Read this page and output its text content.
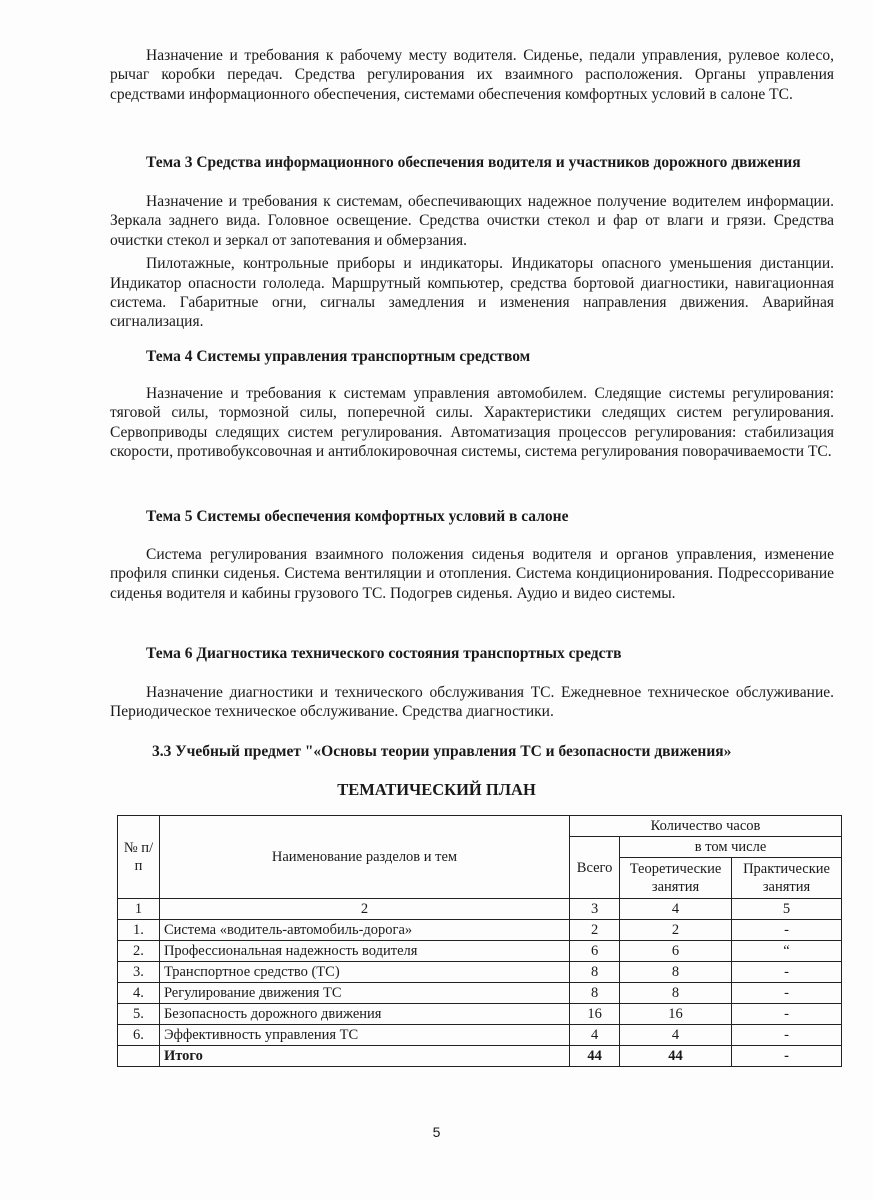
Назначение и требования к рабочему месту водителя. Сиденье, педали управления, рулевое колесо, рычаг коробки передач. Средства регулирования их взаимного расположения. Органы управления средствами информационного обеспечения, системами обеспечения комфортных условий в салоне ТС.

Тема 3 Средства информационного обеспечения водителя и участников дорожного движения

Назначение и требования к системам, обеспечивающих надежное получение водителем информации. Зеркала заднего вида. Головное освещение. Средства очистки стекол и фар от влаги и грязи. Средства очистки стекол и зеркал от запотевания и обмерзания.

Пилотажные, контрольные приборы и индикаторы. Индикаторы опасного уменьшения дистанции. Индикатор опасности гололеда. Маршрутный компьютер, средства бортовой диагностики, навигационная система. Габаритные огни, сигналы замедления и изменения направления движения. Аварийная сигнализация.

Тема 4 Системы управления транспортным средством

Назначение и требования к системам управления автомобилем. Следящие системы регулирования: тяговой силы, тормозной силы, поперечной силы. Характеристики следящих систем регулирования. Сервоприводы следящих систем регулирования. Автоматизация процессов регулирования: стабилизация скорости, противобуксовочная и антиблокировочная системы, система регулирования поворачиваемости ТС.

Тема 5 Системы обеспечения комфортных условий в салоне

Система регулирования взаимного положения сиденья водителя и органов управления, изменение профиля спинки сиденья. Система вентиляции и отопления. Система кондиционирования. Подрессоривание сиденья водителя и кабины грузового ТС. Подогрев сиденья. Аудио и видео системы.

Тема 6 Диагностика технического состояния транспортных средств

Назначение диагностики и технического обслуживания ТС. Ежедневное техническое обслуживание. Периодическое техническое обслуживание. Средства диагностики.

3.3 Учебный предмет "«Основы теории управления ТС и безопасности движения»
ТЕМАТИЧЕСКИЙ ПЛАН
№ п/п	Наименование разделов и тем	Количество часов		
		Всего	в том числе	
			Теоретические занятия	Практические занятия
1	2	3	4	5
1.	Система «водитель-автомобиль-дорога»	2	2	-
2.	Профессиональная надежность водителя	6	6	“
3.	Транспортное средство (ТС)	8	8	-
4.	Регулирование движения ТС	8	8	-
5.	Безопасность дорожного движения	16	16	-
6.	Эффективность управления ТС	4	4	-
	Итого	44	44	-
5
